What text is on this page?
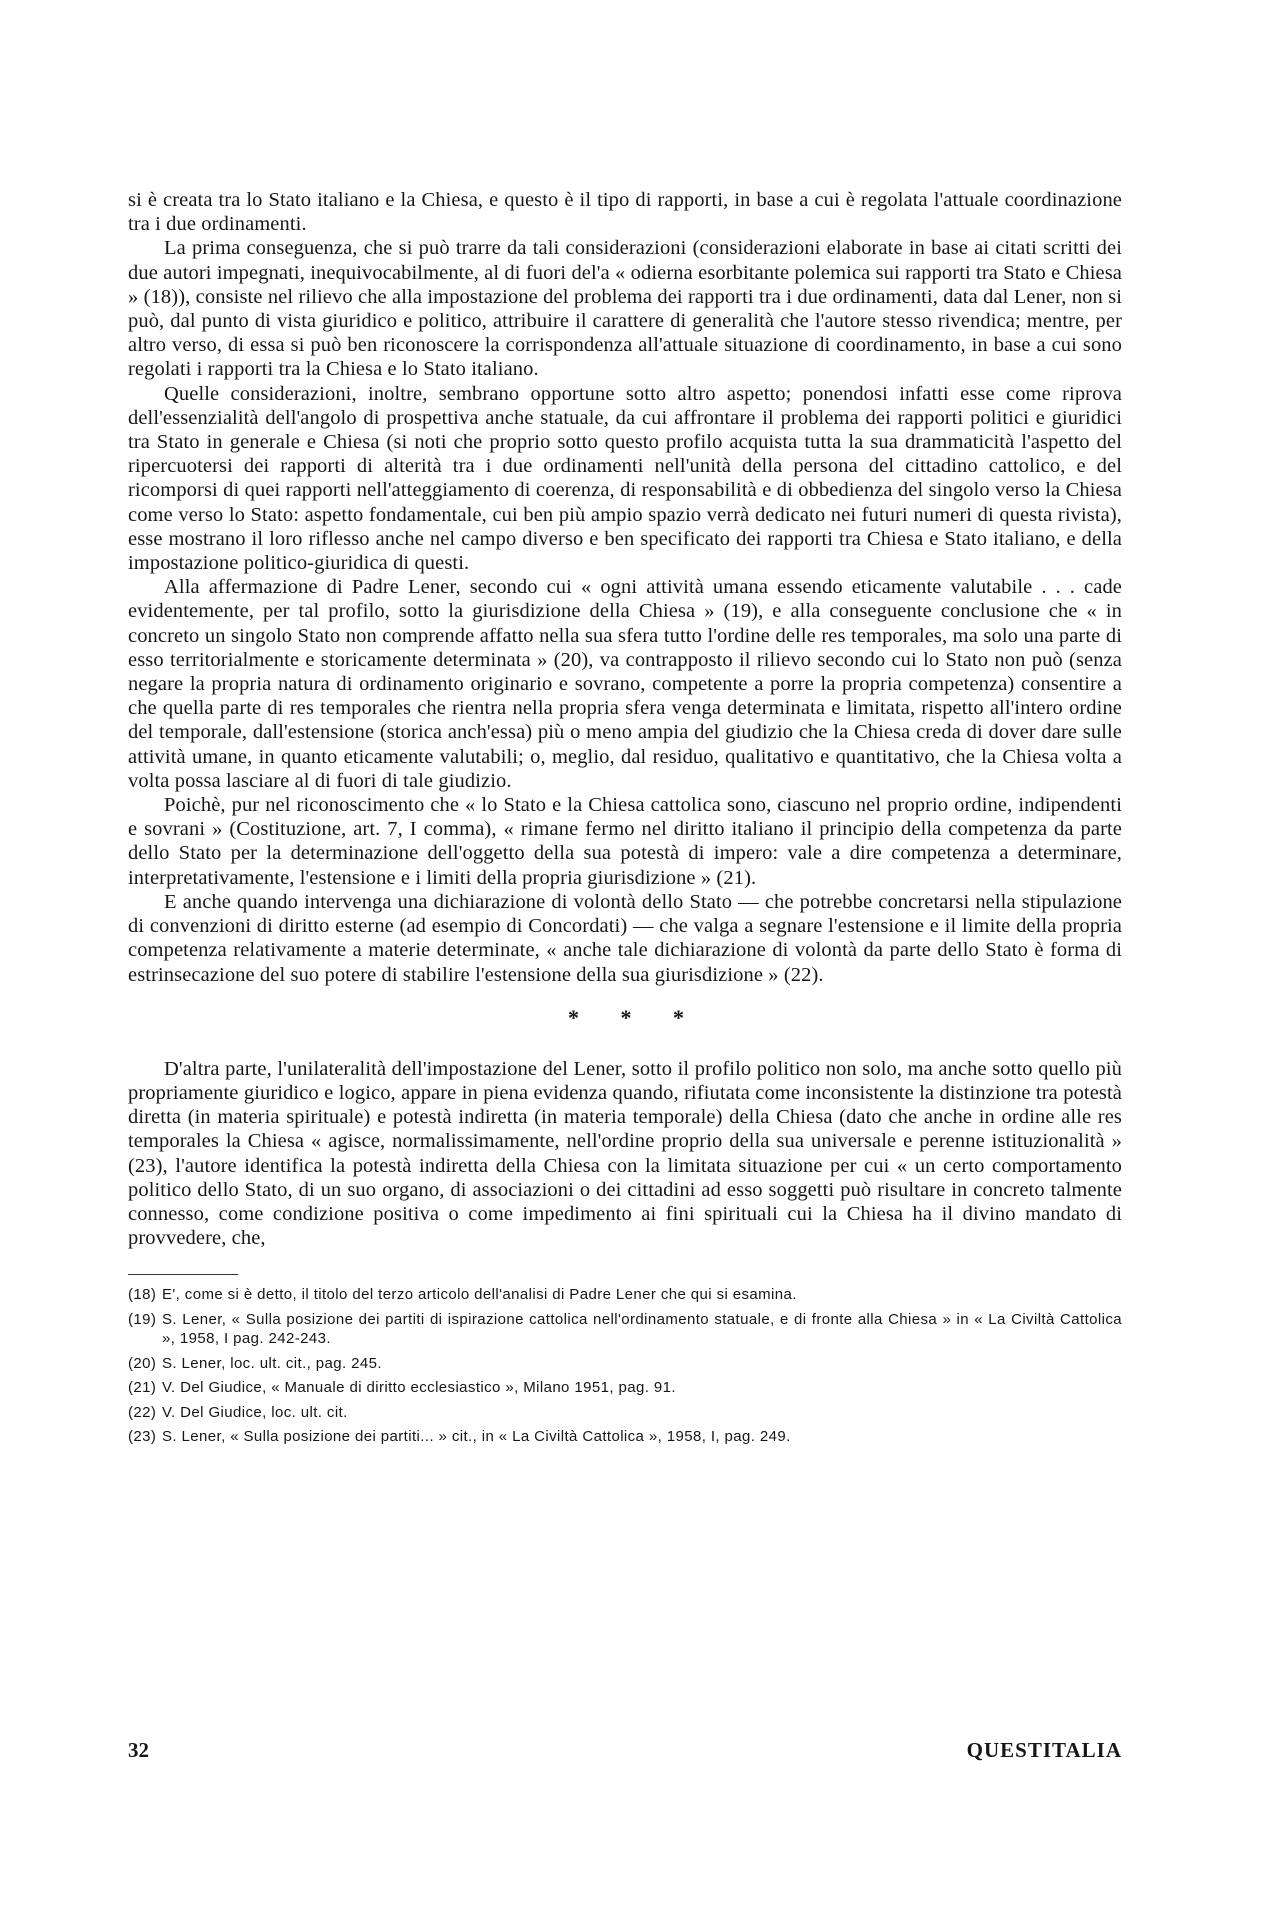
si è creata tra lo Stato italiano e la Chiesa, e questo è il tipo di rapporti, in base a cui è regolata l'attuale coordinazione tra i due ordinamenti.

La prima conseguenza, che si può trarre da tali considerazioni (considerazioni elaborate in base ai citati scritti dei due autori impegnati, inequivocabilmente, al di fuori del'a « odierna esorbitante polemica sui rapporti tra Stato e Chiesa » (18)), consiste nel rilievo che alla impostazione del problema dei rapporti tra i due ordinamenti, data dal Lener, non si può, dal punto di vista giuridico e politico, attribuire il carattere di generalità che l'autore stesso rivendica; mentre, per altro verso, di essa si può ben riconoscere la corrispondenza all'attuale situazione di coordinamento, in base a cui sono regolati i rapporti tra la Chiesa e lo Stato italiano.

Quelle considerazioni, inoltre, sembrano opportune sotto altro aspetto; ponendosi infatti esse come riprova dell'essenzialità dell'angolo di prospettiva anche statuale, da cui affrontare il problema dei rapporti politici e giuridici tra Stato in generale e Chiesa (si noti che proprio sotto questo profilo acquista tutta la sua drammaticità l'aspetto del ripercuotersi dei rapporti di alterità tra i due ordinamenti nell'unità della persona del cittadino cattolico, e del ricomporsi di quei rapporti nell'atteggiamento di coerenza, di responsabilità e di obbedienza del singolo verso la Chiesa come verso lo Stato: aspetto fondamentale, cui ben più ampio spazio verrà dedicato nei futuri numeri di questa rivista), esse mostrano il loro riflesso anche nel campo diverso e ben specificato dei rapporti tra Chiesa e Stato italiano, e della impostazione politico-giuridica di questi.

Alla affermazione di Padre Lener, secondo cui « ogni attività umana essendo eticamente valutabile . . . cade evidentemente, per tal profilo, sotto la giurisdizione della Chiesa » (19), e alla conseguente conclusione che « in concreto un singolo Stato non comprende affatto nella sua sfera tutto l'ordine delle res temporales, ma solo una parte di esso territorialmente e storicamente determinata » (20), va contrapposto il rilievo secondo cui lo Stato non può (senza negare la propria natura di ordinamento originario e sovrano, competente a porre la propria competenza) consentire a che quella parte di res temporales che rientra nella propria sfera venga determinata e limitata, rispetto all'intero ordine del temporale, dall'estensione (storica anch'essa) più o meno ampia del giudizio che la Chiesa creda di dover dare sulle attività umane, in quanto eticamente valutabili; o, meglio, dal residuo, qualitativo e quantitativo, che la Chiesa volta a volta possa lasciare al di fuori di tale giudizio.

Poichè, pur nel riconoscimento che « lo Stato e la Chiesa cattolica sono, ciascuno nel proprio ordine, indipendenti e sovrani » (Costituzione, art. 7, I comma), « rimane fermo nel diritto italiano il principio della competenza da parte dello Stato per la determinazione dell'oggetto della sua potestà di impero: vale a dire competenza a determinare, interpretativamente, l'estensione e i limiti della propria giurisdizione » (21).

E anche quando intervenga una dichiarazione di volontà dello Stato — che potrebbe concretarsi nella stipulazione di convenzioni di diritto esterne (ad esempio di Concordati) — che valga a segnare l'estensione e il limite della propria competenza relativamente a materie determinate, « anche tale dichiarazione di volontà da parte dello Stato è forma di estrinsecazione del suo potere di stabilire l'estensione della sua giurisdizione » (22).

* * *

D'altra parte, l'unilateralità dell'impostazione del Lener, sotto il profilo politico non solo, ma anche sotto quello più propriamente giuridico e logico, appare in piena evidenza quando, rifiutata come inconsistente la distinzione tra potestà diretta (in materia spirituale) e potestà indiretta (in materia temporale) della Chiesa (dato che anche in ordine alle res temporales la Chiesa « agisce, normalissimamente, nell'ordine proprio della sua universale e perenne istituzionalità » (23), l'autore identifica la potestà indiretta della Chiesa con la limitata situazione per cui « un certo comportamento politico dello Stato, di un suo organo, di associazioni o dei cittadini ad esso soggetti può risultare in concreto talmente connesso, come condizione positiva o come impedimento ai fini spirituali cui la Chiesa ha il divino mandato di provvedere, che,

(18) E', come si è detto, il titolo del terzo articolo dell'analisi di Padre Lener che qui si esamina.

(19) S. Lener, « Sulla posizione dei partiti di ispirazione cattolica nell'ordinamento statuale, e di fronte alla Chiesa » in « La Civiltà Cattolica », 1958, I pag. 242-243.

(20) S. Lener, loc. ult. cit., pag. 245.

(21) V. Del Giudice, « Manuale di diritto ecclesiastico », Milano 1951, pag. 91.

(22) V. Del Giudice, loc. ult. cit.

(23) S. Lener, « Sulla posizione dei partiti... » cit., in « La Civiltà Cattolica », 1958, I, pag. 249.

32	QUESTITALIA
